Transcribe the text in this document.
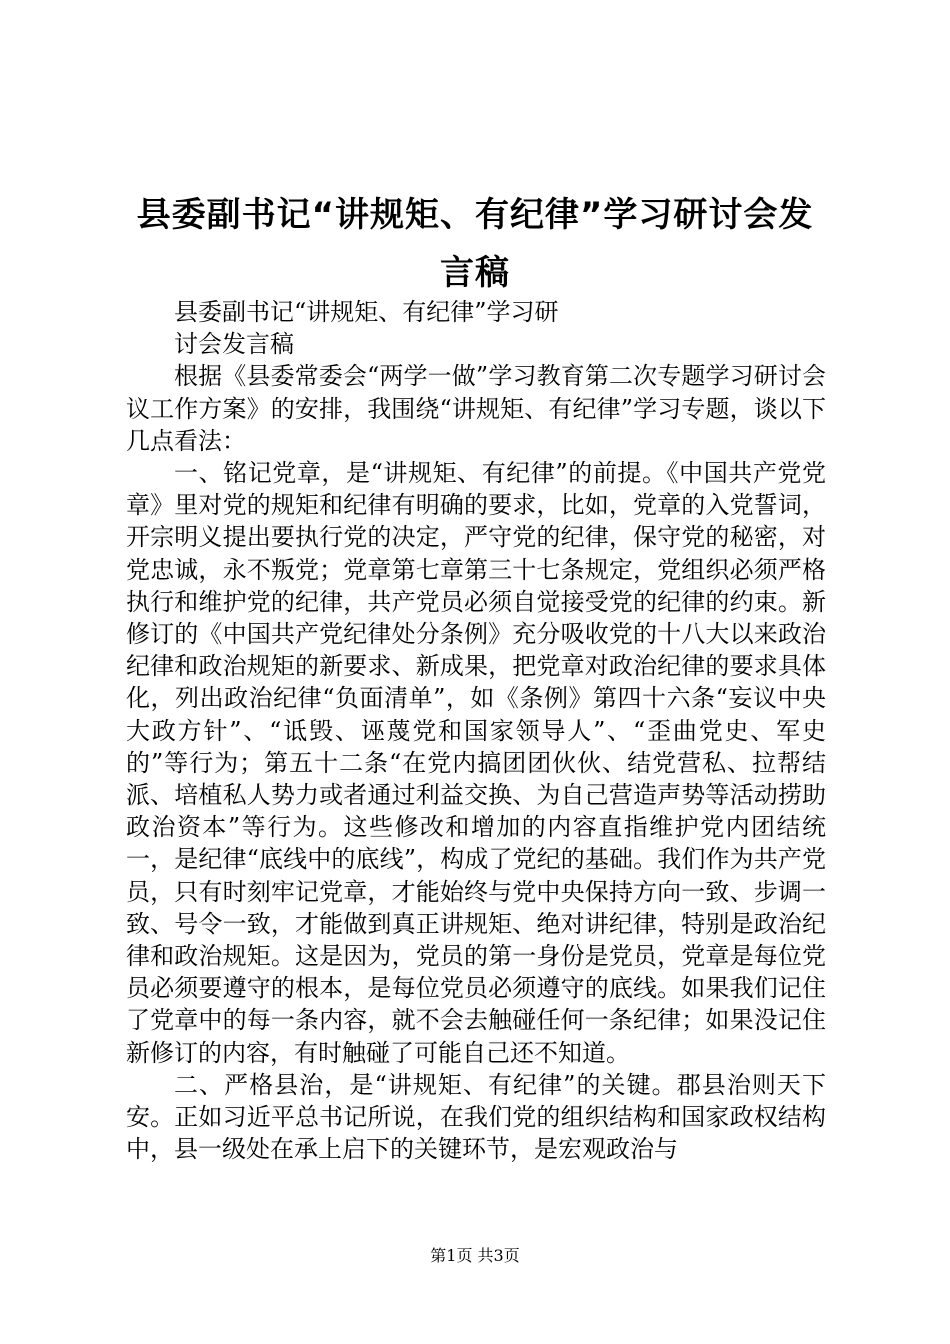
县委副书记“讲规矩、有纪律”学习研讨会发言稿

县委副书记“讲规矩、有纪律”学习研

讨会发言稿

根据《县委常委会“两学一做”学习教育第二次专题学习研讨会议工作方案》的安排，我围绕“讲规矩、有纪律”学习专题，谈以下几点看法：

一、铭记党章，是“讲规矩、有纪律”的前提。《中国共产党党章》里对党的规矩和纪律有明确的要求，比如，党章的入党誓词，开宗明义提出要执行党的决定，严守党的纪律，保守党的秘密，对党忠诚，永不叛党；党章第七章第三十七条规定，党组织必须严格执行和维护党的纪律，共产党员必须自觉接受党的纪律的约束。新修订的《中国共产党纪律处分条例》充分吸收党的十八大以来政治纪律和政治规矩的新要求、新成果，把党章对政治纪律的要求具体化，列出政治纪律“负面清单”，如《条例》第四十六条“妄议中央大政方针”、“诋毁、诬蔑党和国家领导人”、“歪曲党史、军史的”等行为；第五十二条“在党内搞团团伙伙、结党营私、拉帮结派、培植私人势力或者通过利益交换、为自己营造声势等活动捞助政治资本”等行为。这些修改和增加的内容直指维护党内团结统一，是纪律“底线中的底线”，构成了党纪的基础。我们作为共产党员，只有时刻牢记党章，才能始终与党中央保持方向一致、步调一致、号令一致，才能做到真正讲规矩、绝对讲纪律，特别是政治纪律和政治规矩。这是因为，党员的第一身份是党员，党章是每位党员必须要遵守的根本，是每位党员必须遵守的底线。如果我们记住了党章中的每一条内容，就不会去触碰任何一条纪律；如果没记住新修订的内容，有时触碰了可能自己还不知道。

二、严格县治，是“讲规矩、有纪律”的关键。郡县治则天下安。正如习近平总书记所说，在我们党的组织结构和国家政权结构中，县一级处在承上启下的关键环节，是宏观政治与

第1页 共3页
